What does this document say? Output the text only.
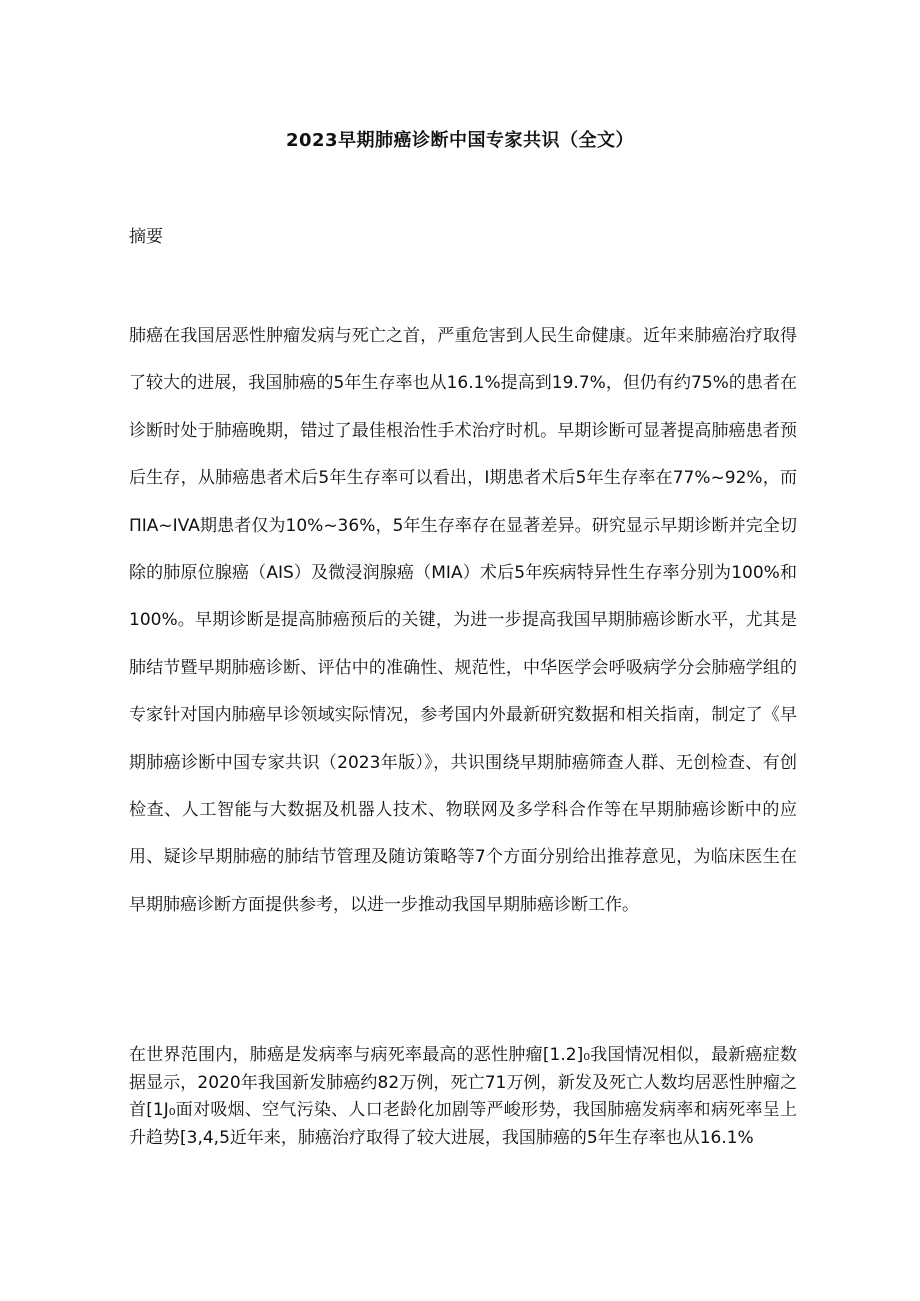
2023早期肺癌诊断中国专家共识（全文）
摘要

肺癌在我国居恶性肿瘤发病与死亡之首，严重危害到人民生命健康。近年来肺癌治疗取得了较大的进展，我国肺癌的5年生存率也从16.1%提高到19.7%，但仍有约75%的患者在诊断时处于肺癌晚期，错过了最佳根治性手术治疗时机。早期诊断可显著提高肺癌患者预后生存，从肺癌患者术后5年生存率可以看出，I期患者术后5年生存率在77%~92%，而ΠIA~IVA期患者仅为10%~36%，5年生存率存在显著差异。研究显示早期诊断并完全切除的肺原位腺癌（AIS）及微浸润腺癌（MIA）术后5年疾病特异性生存率分别为100%和100%。早期诊断是提高肺癌预后的关键，为进一步提高我国早期肺癌诊断水平，尤其是肺结节暨早期肺癌诊断、评估中的准确性、规范性，中华医学会呼吸病学分会肺癌学组的专家针对国内肺癌早诊领域实际情况，参考国内外最新研究数据和相关指南，制定了《早期肺癌诊断中国专家共识（2023年版）》，共识围绕早期肺癌筛查人群、无创检查、有创检查、人工智能与大数据及机器人技术、物联网及多学科合作等在早期肺癌诊断中的应用、疑诊早期肺癌的肺结节管理及随访策略等7个方面分别给出推荐意见，为临床医生在早期肺癌诊断方面提供参考，以进一步推动我国早期肺癌诊断工作。

在世界范围内，肺癌是发病率与病死率最高的恶性肿瘤[1.2]₀我国情况相似，最新癌症数据显示，2020年我国新发肺癌约82万例，死亡71万例，新发及死亡人数均居恶性肿瘤之首[1J₀面对吸烟、空气污染、人口老龄化加剧等严峻形势，我国肺癌发病率和病死率呈上升趋势[3,4,5近年来，肺癌治疗取得了较大进展，我国肺癌的5年生存率也从16.1%
